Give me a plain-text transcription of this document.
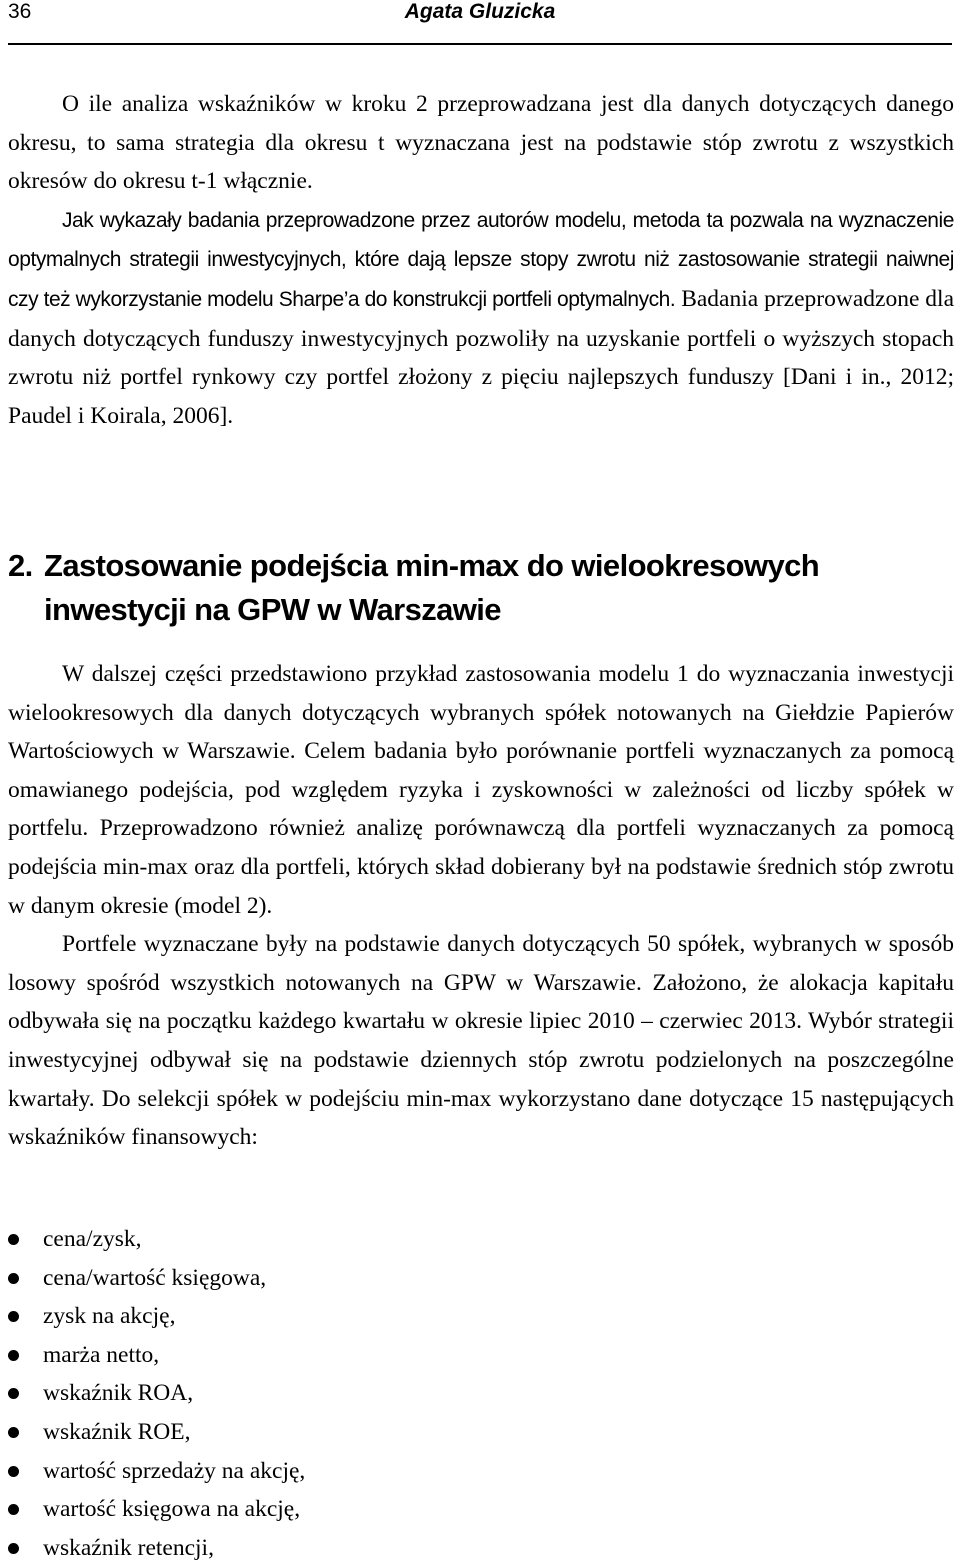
36	Agata Gluzicka

O ile analiza wskaźników w kroku 2 przeprowadzana jest dla danych dotyczących danego okresu, to sama strategia dla okresu t wyznaczana jest na podstawie stóp zwrotu z wszystkich okresów do okresu t-1 włącznie.

Jak wykazały badania przeprowadzone przez autorów modelu, metoda ta pozwala na wyznaczenie optymalnych strategii inwestycyjnych, które dają lepsze stopy zwrotu niż zastosowanie strategii naiwnej czy też wykorzystanie modelu Sharpe’a do konstrukcji portfeli optymalnych. Badania przeprowadzone dla danych dotyczących funduszy inwestycyjnych pozwoliły na uzyskanie portfeli o wyższych stopach zwrotu niż portfel rynkowy czy portfel złożony z pięciu najlepszych funduszy [Dani i in., 2012; Paudel i Koirala, 2006].

2. Zastosowanie podejścia min-max do wielookresowych
inwestycji na GPW w Warszawie

W dalszej części przedstawiono przykład zastosowania modelu 1 do wyznaczania inwestycji wielookresowych dla danych dotyczących wybranych spółek notowanych na Giełdzie Papierów Wartościowych w Warszawie. Celem badania było porównanie portfeli wyznaczanych za pomocą omawianego podejścia, pod względem ryzyka i zyskowności w zależności od liczby spółek w portfelu. Przeprowadzono również analizę porównawczą dla portfeli wyznaczanych za pomocą podejścia min-max oraz dla portfeli, których skład dobierany był na podstawie średnich stóp zwrotu w danym okresie (model 2).

Portfele wyznaczane były na podstawie danych dotyczących 50 spółek, wybranych w sposób losowy spośród wszystkich notowanych na GPW w Warszawie. Założono, że alokacja kapitału odbywała się na początku każdego kwartału w okresie lipiec 2010 – czerwiec 2013. Wybór strategii inwestycyjnej odbywał się na podstawie dziennych stóp zwrotu podzielonych na poszczególne kwartały. Do selekcji spółek w podejściu min-max wykorzystano dane dotyczące 15 następujących wskaźników finansowych:

cena/zysk,
cena/wartość księgowa,
zysk na akcję,
marża netto,
wskaźnik ROA,
wskaźnik ROE,
wartość sprzedaży na akcję,
wartość księgowa na akcję,
wskaźnik retencji,
